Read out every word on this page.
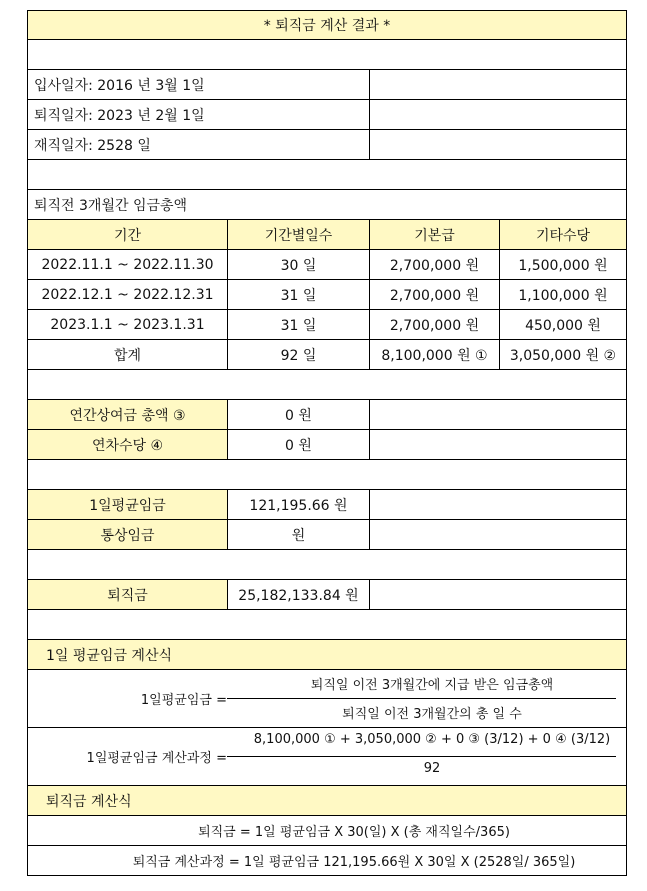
* 퇴직금 계산 결과 *
입사일자: 2016 년 3월 1일
퇴직일자: 2023 년 2월 1일
재직일자: 2528 일
퇴직전 3개월간 임금총액
기간	기간별일수	기본급	기타수당
2022.11.1 ~ 2022.11.30	30 일	2,700,000 원	1,500,000 원
2022.12.1 ~ 2022.12.31	31 일	2,700,000 원	1,100,000 원
2023.1.1 ~ 2023.1.31	31 일	2,700,000 원	450,000 원
합계	92 일	8,100,000 원 ①	3,050,000 원 ②
연간상여금 총액 ③	0 원
연차수당 ④	0 원
1일평균임금	121,195.66 원
통상임금	원
퇴직금	25,182,133.84 원
1일 평균임금 계산식
1일평균임금 =
퇴직일 이전 3개월간에 지급 받은 임금총액
퇴직일 이전 3개월간의 총 일 수
1일평균임금 계산과정 =
8,100,000 ① + 3,050,000 ② + 0 ③ (3/12) + 0 ④ (3/12)
92
퇴직금 계산식
퇴직금 = 1일 평균임금 X 30(일) X (총 재직일수/365)
퇴직금 계산과정 = 1일 평균임금 121,195.66원 X 30일 X (2528일/ 365일)
